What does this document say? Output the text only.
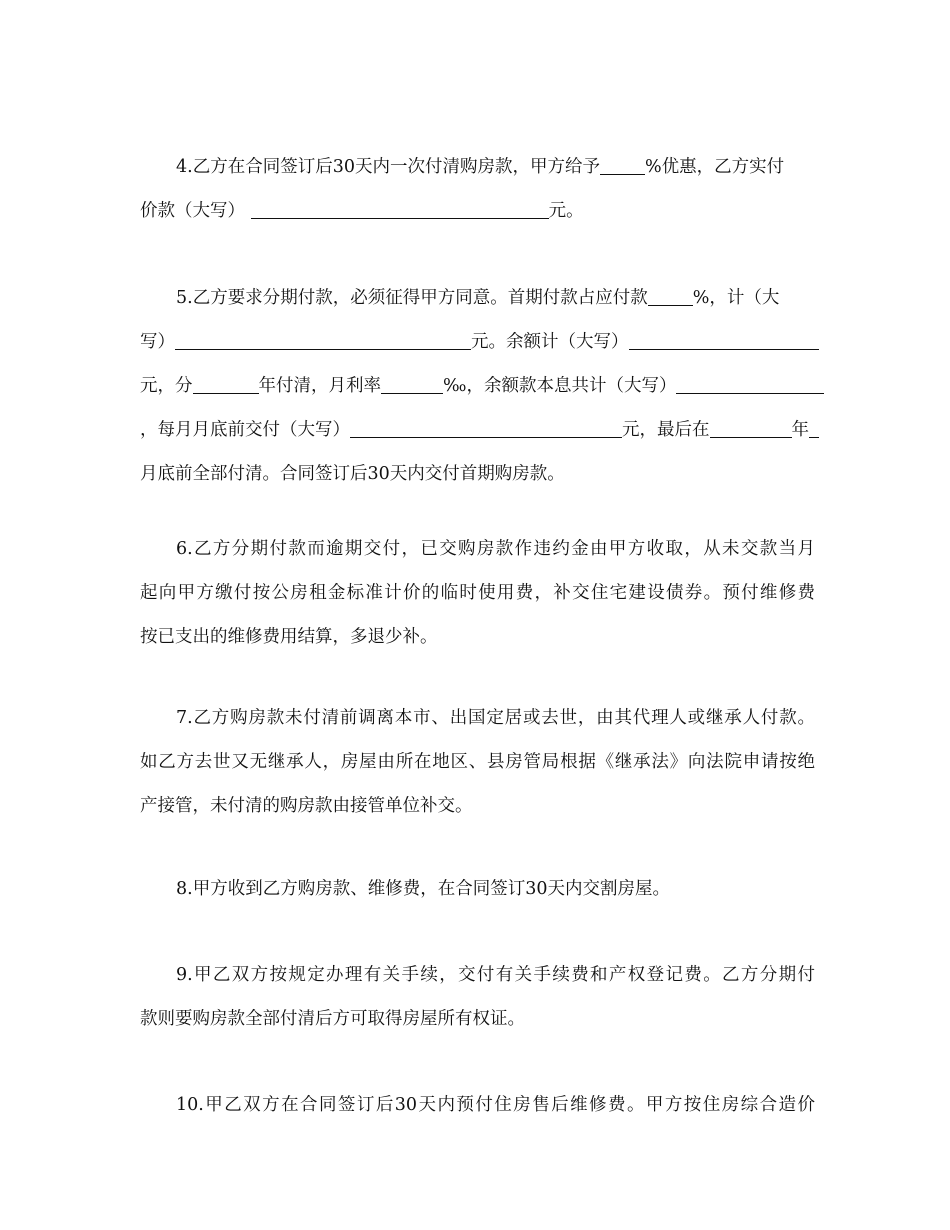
4.乙方在合同签订后30天内一次付清购房款，甲方给予	%优惠，乙方实付
价款（大写）	元。
5.乙方要求分期付款，必须征得甲方同意。首期付款占应付款	%，计（大
写）	元。余额计（大写）
元，分	年付清，月利率	‰，余额款本息共计（大写）
，每月月底前交付（大写）	元，最后在	年
月底前全部付清。合同签订后30天内交付首期购房款。
6.乙方分期付款而逾期交付，已交购房款作违约金由甲方收取，从未交款当月
起向甲方缴付按公房租金标准计价的临时使用费，补交住宅建设债券。预付维修费
按已支出的维修费用结算，多退少补。
7.乙方购房款未付清前调离本市、出国定居或去世，由其代理人或继承人付款。
如乙方去世又无继承人，房屋由所在地区、县房管局根据《继承法》向法院申请按绝
产接管，未付清的购房款由接管单位补交。
8.甲方收到乙方购房款、维修费，在合同签订30天内交割房屋。
9.甲乙双方按规定办理有关手续，交付有关手续费和产权登记费。乙方分期付
款则要购房款全部付清后方可取得房屋所有权证。
10.甲乙双方在合同签订后30天内预付住房售后维修费。甲方按住房综合造价
